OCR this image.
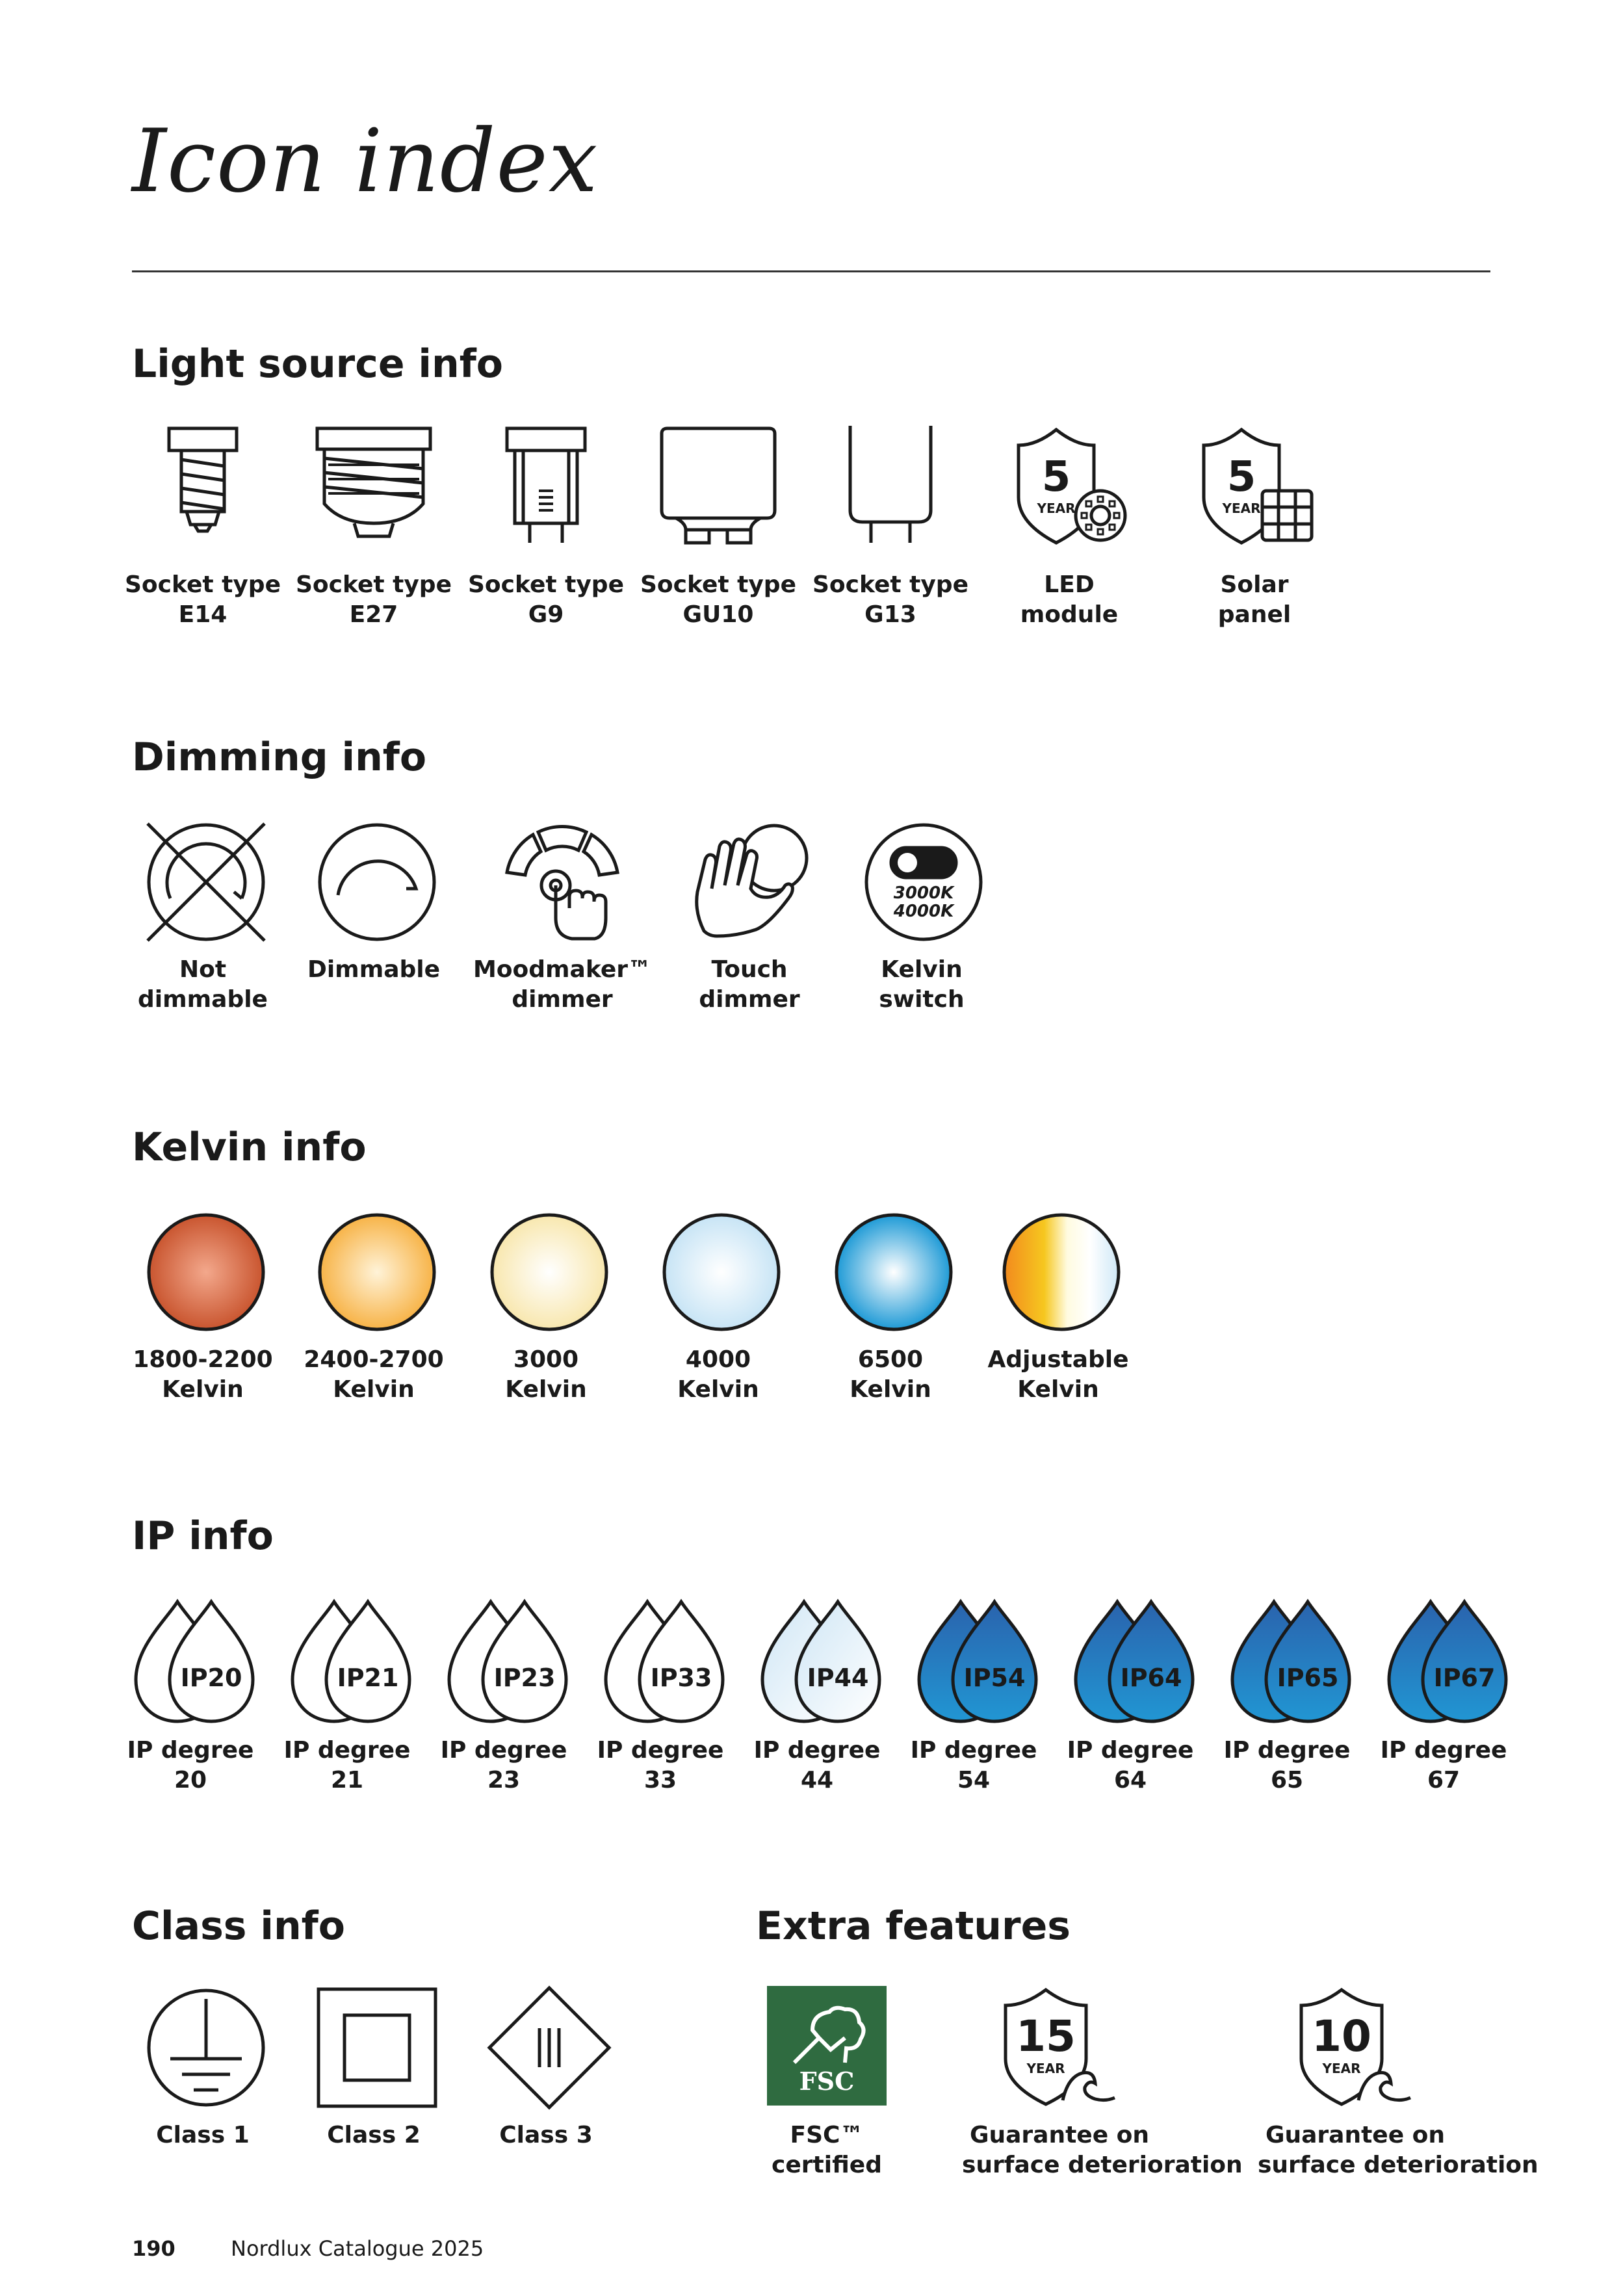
Icon index
Light source info
Socket type
E14
Socket type
E27
Socket type
G9
Socket type
GU10
Socket type
G13
5
YEAR
LED
module
5
YEAR
Solar
panel
Dimming info
Not
dimmable
Dimmable	Moodmaker™
dimmer
Touch
dimmer
3000K
4000K
Kelvin
switch
Kelvin info
1800-2200
Kelvin
2400-2700
Kelvin
3000
Kelvin
4000
Kelvin
6500
Kelvin
Adjustable
Kelvin
IP info
IP20
IP degree
20
IP21
IP degree
21
IP23
IP degree
23
IP33
IP degree
33
IP44
IP degree
44
IP54
IP degree
54
IP64
IP degree
64
IP65
IP degree
65
IP67
IP degree
67
Class info
Class 1	Class 2	Class 3
Extra features
FSC
FSC™
certified
15
YEAR
Guarantee on
surface deterioration
10
YEAR
Guarantee on
surface deterioration
190	Nordlux Catalogue 2025
